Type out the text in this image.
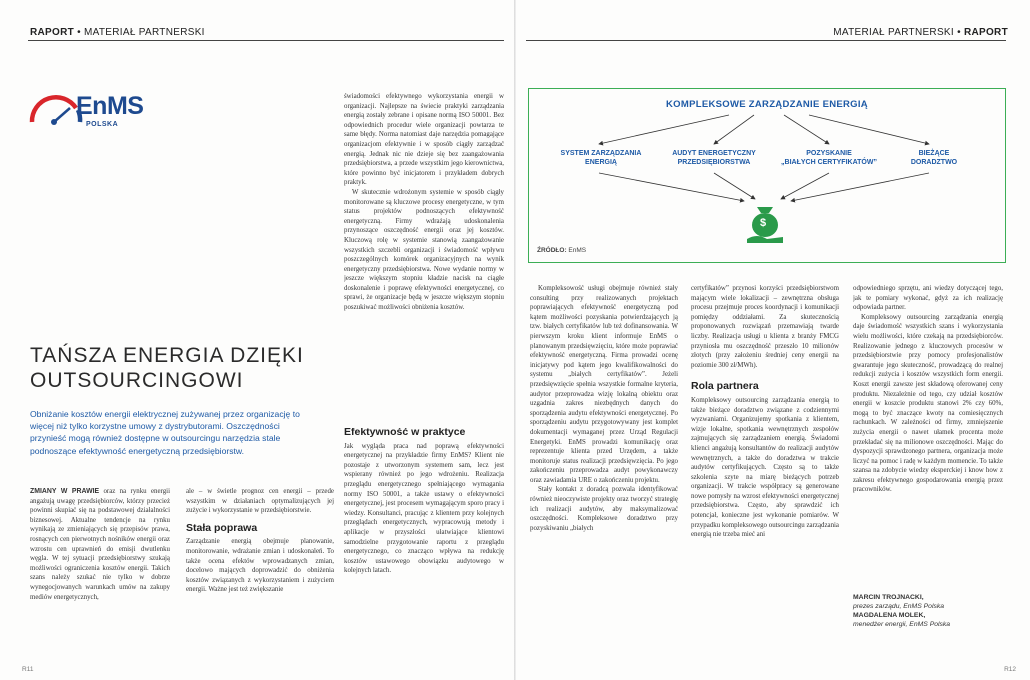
RAPORT • MATERIAŁ PARTNERSKI	MATERIAŁ PARTNERSKI • RAPORT
EnMS
POLSKA

świadomości efektywnego wykorzystania energii w organizacji. Najlepsze na świecie praktyki zarządzania energią zostały zebrane i opisane normą ISO 50001. Bez odpowiednich procedur wiele organizacji powtarza te same błędy. Norma natomiast daje narzędzia pomagające organizacjom efektywnie i w sposób ciągły zarządzać energią. Jednak nic nie dzieje się bez zaangażowania przedsiębiorstwa, a przede wszystkim jego kierownictwa, które powinno być inicjatorem i przykładem dobrych praktyk.

W skutecznie wdrożonym systemie w sposób ciągły monitorowane są kluczowe procesy energetyczne, w tym status projektów podnoszących efektywność energetyczną. Firmy wdrażają udoskonalenia przynoszące oszczędność energii oraz jej kosztów. Kluczową rolę w systemie stanowią zaangażowanie wszystkich szczebli organizacji i świadomość wpływu poszczególnych komórek organizacyjnych na wynik energetyczny przedsiębiorstwa. Nowe wydanie normy w jeszcze większym stopniu kładzie nacisk na ciągłe doskonalenie i poprawę efektywności energetycznej, co sprawi, że organizacje będą w jeszcze większym stopniu poszukiwać możliwości obniżenia kosztów.

TAŃSZA ENERGIA DZIĘKI
OUTSOURCINGOWI
Obniżanie kosztów energii elektrycznej zużywanej przez organizację to więcej niż tylko korzystne umowy z dystrybutorami. Oszczędności przynieść mogą również dostępne w outsourcingu narzędzia stale podnoszące efektywność energetyczną przedsiębiorstw.

ZMIANY W PRAWIE oraz na rynku energii angażują uwagę przedsiębiorców, którzy przecież powinni skupiać się na podstawowej działalności biznesowej. Aktualne tendencje na rynku wynikają ze zmieniających się przepisów prawa, rosnących cen pierwotnych nośników energii oraz wzrostu cen uprawnień do emisji dwutlenku węgla. W tej sytuacji przedsiębiorstwy szukają możliwości ograniczenia kosztów energii. Takich szans należy szukać nie tylko w dobrze wynegocjowanych warunkach umów na zakupy mediów energetycznych,

ale – w świetle prognoz cen energii – przede wszystkim w działaniach optymalizujących jej zużycie i wykorzystanie w przedsiębiorstwie.

Stała poprawa

Zarządzanie energią obejmuje planowanie, monitorowanie, wdrażanie zmian i udoskonaleń. To także ocena efektów wprowadzanych zmian, docelowo mających doprowadzić do obniżenia kosztów związanych z wykorzystaniem i zużyciem energii. Ważne jest też zwiększanie

Efektywność w praktyce

Jak wygląda praca nad poprawą efektywności energetycznej na przykładzie firmy EnMS? Klient nie pozostaje z utworzonym systemem sam, lecz jest wspierany również po jego wdrożeniu. Realizacja przeglądu energetycznego spełniającego wymagania normy ISO 50001, a także ustawy o efektywności energetycznej, jest procesem wymagającym sporo pracy i wiedzy. Konsultanci, pracując z klientem przy kolejnych przeglądach energetycznych, wypracowują metody i aplikacje w przyszłości ułatwiające klientowi samodzielne przygotowanie raportu z przeglądu energetycznego, co znacząco wpływa na redukcję kosztów ustawowego obowiązku audytowego w kolejnych latach.

KOMPLEKSOWE ZARZĄDZANIE ENERGIĄ
SYSTEM ZARZĄDZANIA
ENERGIĄ
AUDYT ENERGETYCZNY
PRZEDSIĘBIORSTWA
POZYSKANIE
„BIAŁYCH CERTYFIKATÓW”
BIEŻĄCE
DORADZTWO
$
ŹRÓDŁO: EnMS

Kompleksowość usługi obejmuje również stały consulting przy realizowanych projektach poprawiających efektywność energetyczną pod kątem możliwości pozyskania potwierdzających ją tzw. białych certyfikatów lub też dofinansowania. W pierwszym kroku klient informuje EnMS o planowanym przedsięwzięciu, które może poprawiać efektywność energetyczną. Firma prowadzi ocenę inicjatywy pod kątem jego kwalifikowalności do systemu „białych certyfikatów”. Jeżeli przedsięwzięcie spełnia wszystkie formalne kryteria, audytor przeprowadza wizję lokalną obiektu oraz uzgadnia zakres niezbędnych danych do sporządzenia audytu efektywności energetycznej. Po sporządzeniu audytu przygotowywany jest komplet dokumentacji wymaganej przez Urząd Regulacji Energetyki. EnMS prowadzi komunikację oraz reprezentuje klienta przed Urzędem, a także monitoruje status realizacji przedsięwzięcia. Po jego zakończeniu przeprowadza audyt powykonawczy oraz zawiadamia URE o zakończeniu projektu.

Stały kontakt z doradcą pozwala identyfikować również nieoczywiste projekty oraz tworzyć strategię ich realizacji audytów, aby maksymalizować oszczędności. Kompleksowe doradztwo przy pozyskiwaniu „białych

certyfikatów” przynosi korzyści przedsiębiorstwom mającym wiele lokalizacji – zewnętrzna obsługa procesu przejmuje proces koordynacji i komunikacji pomiędzy oddziałami. Za skutecznością proponowanych rozwiązań przemawiają twarde liczby. Realizacja usługi u klienta z branży FMCG przyniosła mu oszczędność przeszło 10 milionów złotych (przy założeniu średniej ceny energii na poziomie 300 zł/MWh).

Rola partnera

Kompleksowy outsourcing zarządzania energią to także bieżące doradztwo związane z codziennymi wyzwaniami. Organizujemy spotkania z klientem, wizje lokalne, spotkania wewnętrznych zespołów zajmujących się zarządzaniem energią. Świadomi klienci angażują konsultantów do realizacji audytów wewnętrznych, a także do doradztwa w trakcie audytów certyfikujących. Często są to także szkolenia szyte na miarę bieżących potrzeb organizacji. W trakcie współpracy są generowane nowe pomysły na wzrost efektywności energetycznej przedsiębiorstwa. Często, aby sprawdzić ich potencjał, konieczne jest wykonanie pomiarów. W przypadku kompleksowego outsourcingu zarządzania energią nie trzeba mieć ani

odpowiedniego sprzętu, ani wiedzy dotyczącej tego, jak te pomiary wykonać, gdyż za ich realizację odpowiada partner.

Kompleksowy outsourcing zarządzania energią daje świadomość wszystkich szans i wykorzystania wielu możliwości, które czekają na przedsiębiorców. Realizowanie jednego z kluczowych procesów w przedsiębiorstwie przy pomocy profesjonalistów gwarantuje jego skuteczność, prowadzącą do realnej redukcji zużycia i kosztów wszystkich form energii. Koszt energii zawsze jest składową oferowanej ceny produktu. Niezależnie od tego, czy udział kosztów energii w koszcie produktu stanowi 2% czy 60%, mogą to być znaczące kwoty na comiesięcznych rachunkach. W zależności od firmy, zmniejszenie zużycia energii o nawet ułamek procenta może przekładać się na milionowe oszczędności. Mając do dyspozycji sprawdzonego partnera, organizacja może liczyć na pomoc i radę w każdym momencie. To także szansa na zdobycie wiedzy eksperckiej i know how z zakresu efektywnego gospodarowania energią przez pracowników.

MARCIN TROJNACKI,
prezes zarządu, EnMS Polska
MAGDALENA MOLEK,
menedżer energii, EnMS Polska
R11	R12
